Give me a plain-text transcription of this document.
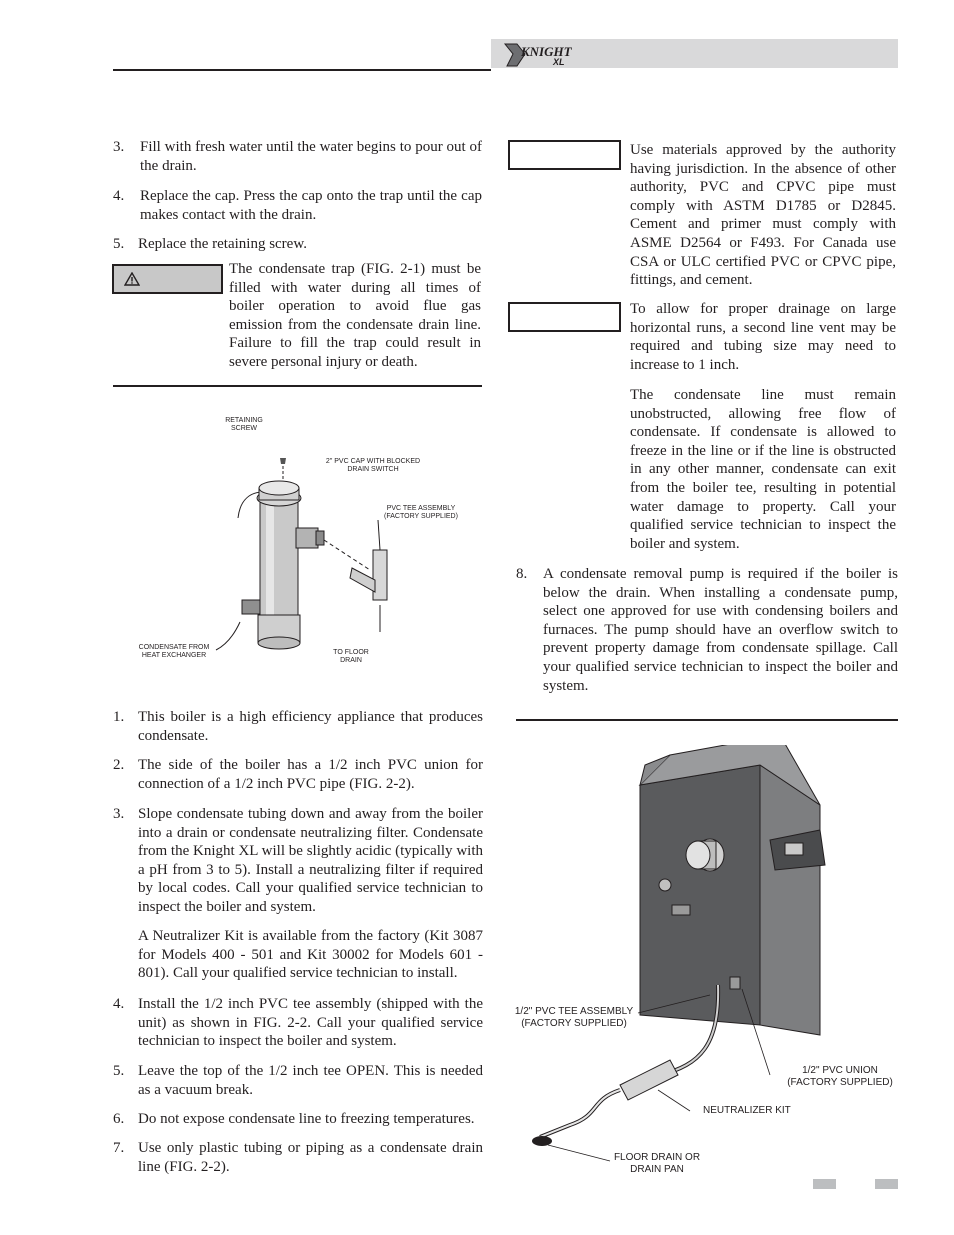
KNIGHT
XL
3.	Fill with fresh water until the water begins to pour out of the drain.
4.	Replace the cap. Press the cap onto the trap until the cap makes contact with the drain.
5. Replace the retaining screw.
The condensate trap (FIG. 2-1) must be filled with water during all times of boiler operation to avoid flue gas emission from the condensate drain line. Failure to fill the trap could result in severe personal injury or death.
RETAINING SCREW
2" PVC CAP WITH BLOCKED DRAIN SWITCH
PVC TEE ASSEMBLY (FACTORY SUPPLIED)
CONDENSATE FROM HEAT EXCHANGER	TO FLOOR DRAIN
1. This boiler is a high efficiency appliance that produces condensate.
2. The side of the boiler has a 1/2 inch PVC union for connection of a 1/2 inch PVC pipe (FIG. 2-2).
3. Slope condensate tubing down and away from the boiler into a drain or condensate neutralizing filter. Condensate from the Knight XL will be slightly acidic (typically with a pH from 3 to 5). Install a neutralizing filter if required by local codes. Call your qualified service technician to inspect the boiler and system.
A Neutralizer Kit is available from the factory (Kit 3087 for Models 400 - 501 and Kit 30002 for Models 601 - 801). Call your qualified service technician to install.
4. Install the 1/2 inch PVC tee assembly (shipped with the unit) as shown in FIG. 2-2. Call your qualified service technician to inspect the boiler and system.
5. Leave the top of the 1/2 inch tee OPEN. This is needed as a vacuum break.
6. Do not expose condensate line to freezing temperatures.
7. Use only plastic tubing or piping as a condensate drain line (FIG. 2-2).
Use materials approved by the authority having jurisdiction. In the absence of other authority, PVC and CPVC pipe must comply with ASTM D1785 or D2845. Cement and primer must comply with ASME D2564 or F493. For Canada use CSA or ULC certified PVC or CPVC pipe, fittings, and cement.
To allow for proper drainage on large horizontal runs, a second line vent may be required and tubing size may need to increase to 1 inch.
The condensate line must remain unobstructed, allowing free flow of condensate. If condensate is allowed to freeze in the line or if the line is obstructed in any other manner, condensate can exit from the boiler tee, resulting in potential water damage to property. Call your qualified service technician to inspect the boiler and system.
8.	A condensate removal pump is required if the boiler is below the drain. When installing a condensate pump, select one approved for use with condensing boilers and furnaces. The pump should have an overflow switch to prevent property damage from condensate spillage. Call your qualified service technician to inspect the boiler and system.
1/2" PVC TEE ASSEMBLY (FACTORY SUPPLIED)
1/2" PVC UNION (FACTORY SUPPLIED)
NEUTRALIZER KIT
FLOOR DRAIN OR DRAIN PAN
